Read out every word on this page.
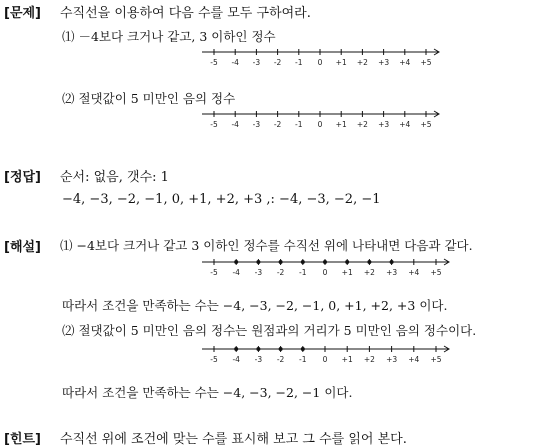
[문제] 수직선을 이용하여 다음 수를 모두 구하여라.
⑴ －4보다 크거나 같고, 3 이하인 정수
-5 -4 -3 -2 -1 0 +1 +2 +3 +4 +5
⑵ 절댓값이 5 미만인 음의 정수
-5 -4 -3 -2 -1 0 +1 +2 +3 +4 +5
[정답] 순서: 없음, 갯수: 1
−4, −3, −2, −1, 0, +1, +2, +3 ,: −4, −3, −2, −1
[해설] ⑴ −4보다 크거나 같고 3 이하인 정수를 수직선 위에 나타내면 다음과 같다.
-5 -4 -3 -2 -1 0 +1 +2 +3 +4 +5
따라서 조건을 만족하는 수는 −4, −3, −2, −1, 0, +1, +2, +3 이다.
⑵ 절댓값이 5 미만인 음의 정수는 원점과의 거리가 5 미만인 음의 정수이다.
-5 -4 -3 -2 -1 0 +1 +2 +3 +4 +5
따라서 조건을 만족하는 수는 −4, −3, −2, −1 이다.
[힌트] 수직선 위에 조건에 맞는 수를 표시해 보고 그 수를 읽어 본다.
